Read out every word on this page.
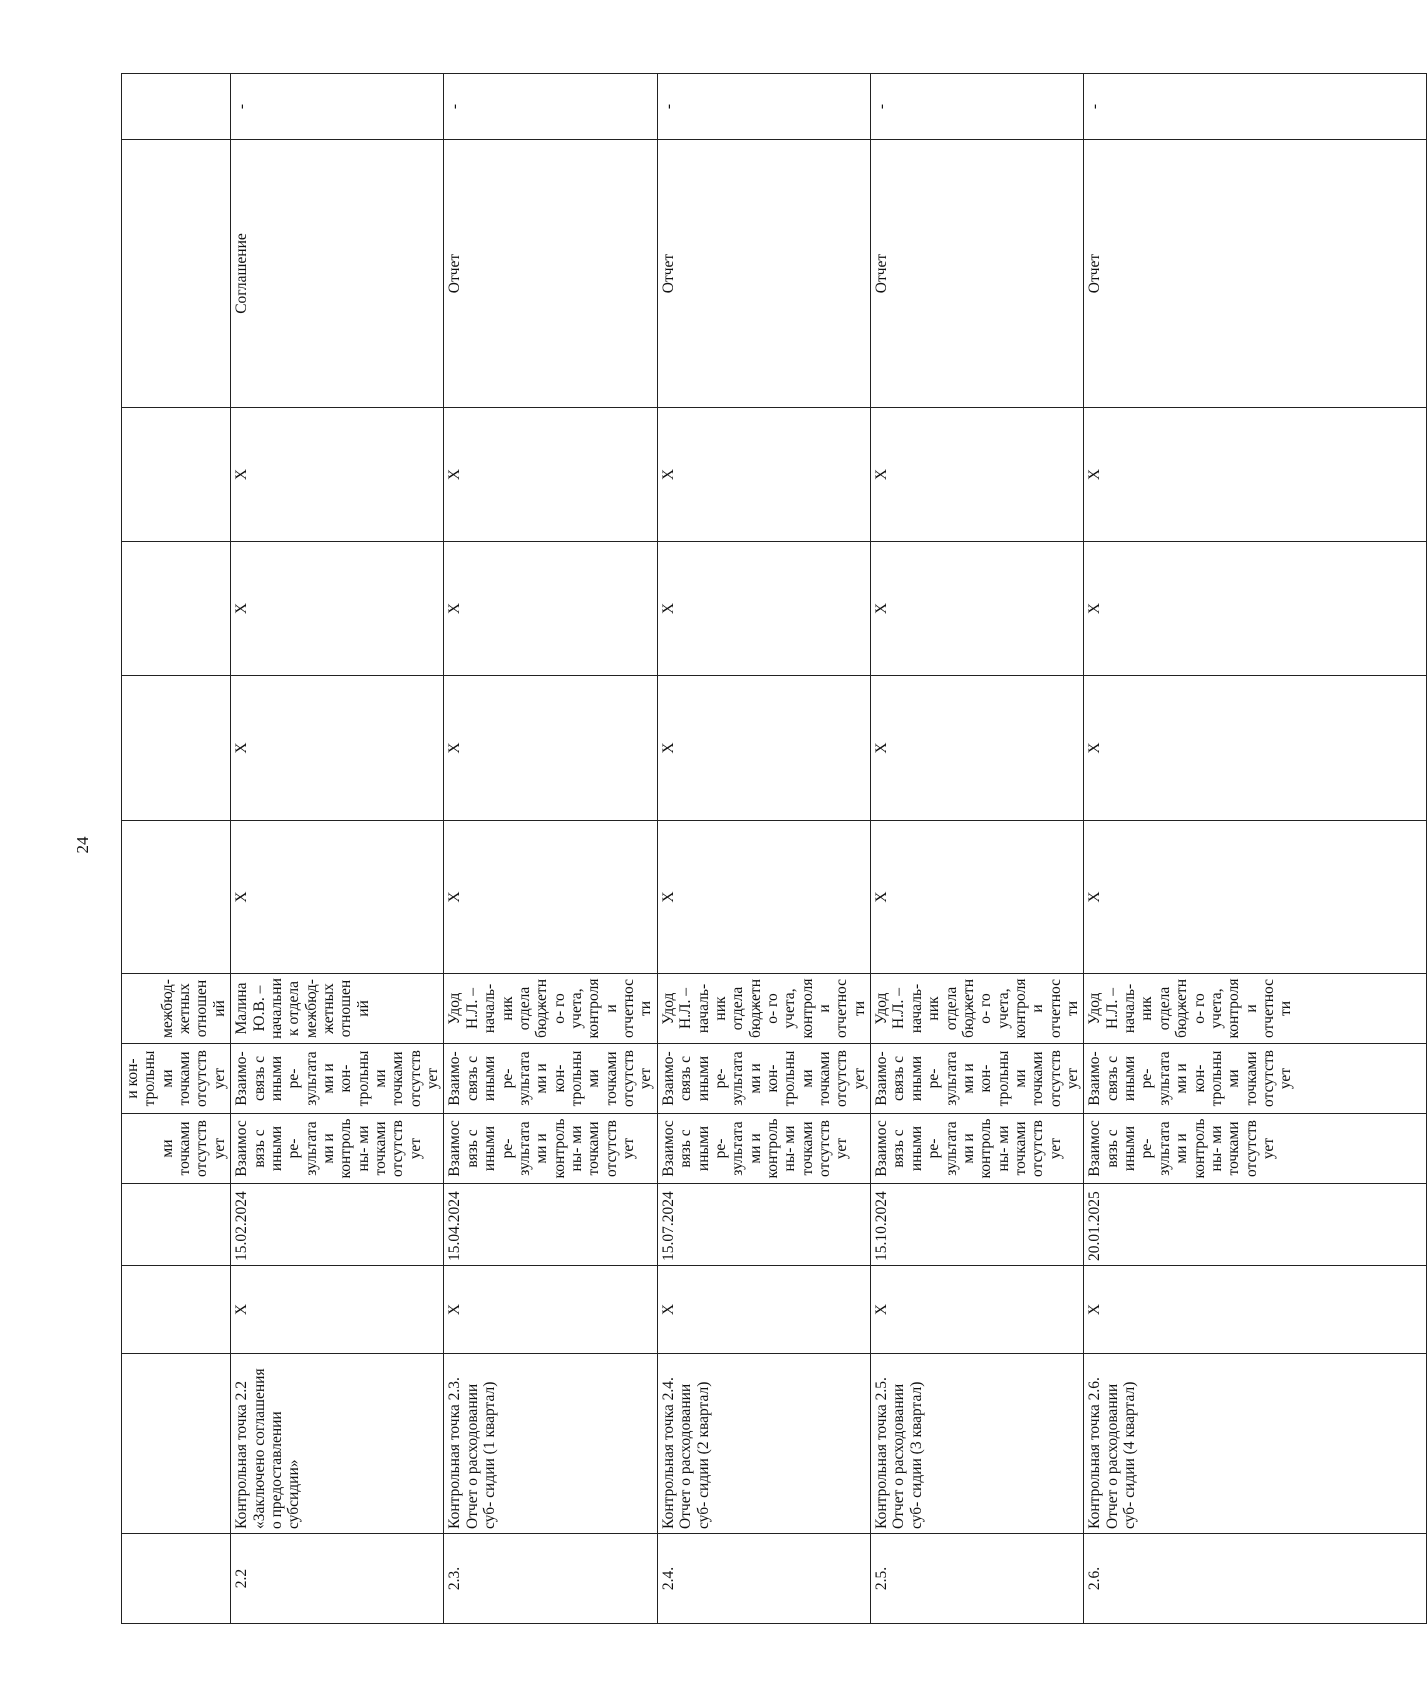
24
				ми точками отсутствует	и кон- трольными точками отсутствует	межбюд- жетных отношений						
2.2	Контрольная точка 2.2 «Заключено соглашения о предоставлении субсидии»	X	15.02.2024	Взаимосвязь с иными ре- зультатами и контрольны- ми точками отсутствует	Взаимо- связь с иными ре- зультатами и кон- трольными точками отсутствует	Малина Ю.В. – начальник отдела межбюд- жетных отношений	X	X	X	X	Соглашение	-
2.3.	Контрольная точка 2.3. Отчет о расходовании суб- сидии (1 квартал)	X	15.04.2024	Взаимосвязь с иными ре- зультатами и контрольны- ми точками отсутствует	Взаимо- связь с иными ре- зультатами и кон- трольными точками отсутствует	Удод Н.Л. – началь- ник отдела бюджетно- го учета, контроля и отчетности	X	X	X	X	Отчет	-
2.4.	Контрольная точка 2.4. Отчет о расходовании суб- сидии (2 квартал)	X	15.07.2024	Взаимосвязь с иными ре- зультатами и контрольны- ми точками отсутствует	Взаимо- связь с иными ре- зультатами и кон- трольными точками отсутствует	Удод Н.Л. – началь- ник отдела бюджетно- го учета, контроля и отчетности	X	X	X	X	Отчет	-
2.5.	Контрольная точка 2.5. Отчет о расходовании суб- сидии (3 квартал)	X	15.10.2024	Взаимосвязь с иными ре- зультатами и контрольны- ми точками отсутствует	Взаимо- связь с иными ре- зультатами и кон- трольными точками отсутствует	Удод Н.Л. – началь- ник отдела бюджетно- го учета, контроля и отчетности	X	X	X	X	Отчет	-
2.6.	Контрольная точка 2.6. Отчет о расходовании суб- сидии (4 квартал)	X	20.01.2025	Взаимосвязь с иными ре- зультатами и контрольны- ми точками отсутствует	Взаимо- связь с иными ре- зультатами и кон- трольными точками отсутствует	Удод Н.Л. – началь- ник отдела бюджетно- го учета, контроля и отчетности	X	X	X	X	Отчет	-
